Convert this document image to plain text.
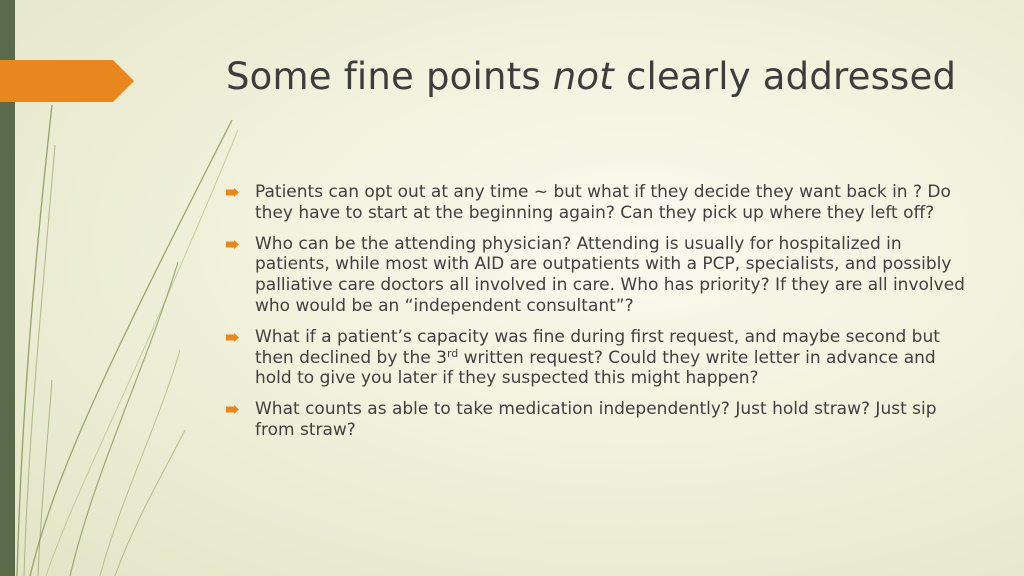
Some fine points not clearly addressed
Patients can opt out at any time ~ but what if they decide they want back in ? Do they have to start at the beginning again? Can they pick up where they left off?
Who can be the attending physician? Attending is usually for hospitalized in patients, while most with AID are outpatients with a PCP, specialists, and possibly palliative care doctors all involved in care. Who has priority? If they are all involved who would be an “independent consultant”?
What if a patient’s capacity was fine during first request, and maybe second but then declined by the 3rd written request? Could they write letter in advance and hold to give you later if they suspected this might happen?
What counts as able to take medication independently? Just hold straw? Just sip from straw?
